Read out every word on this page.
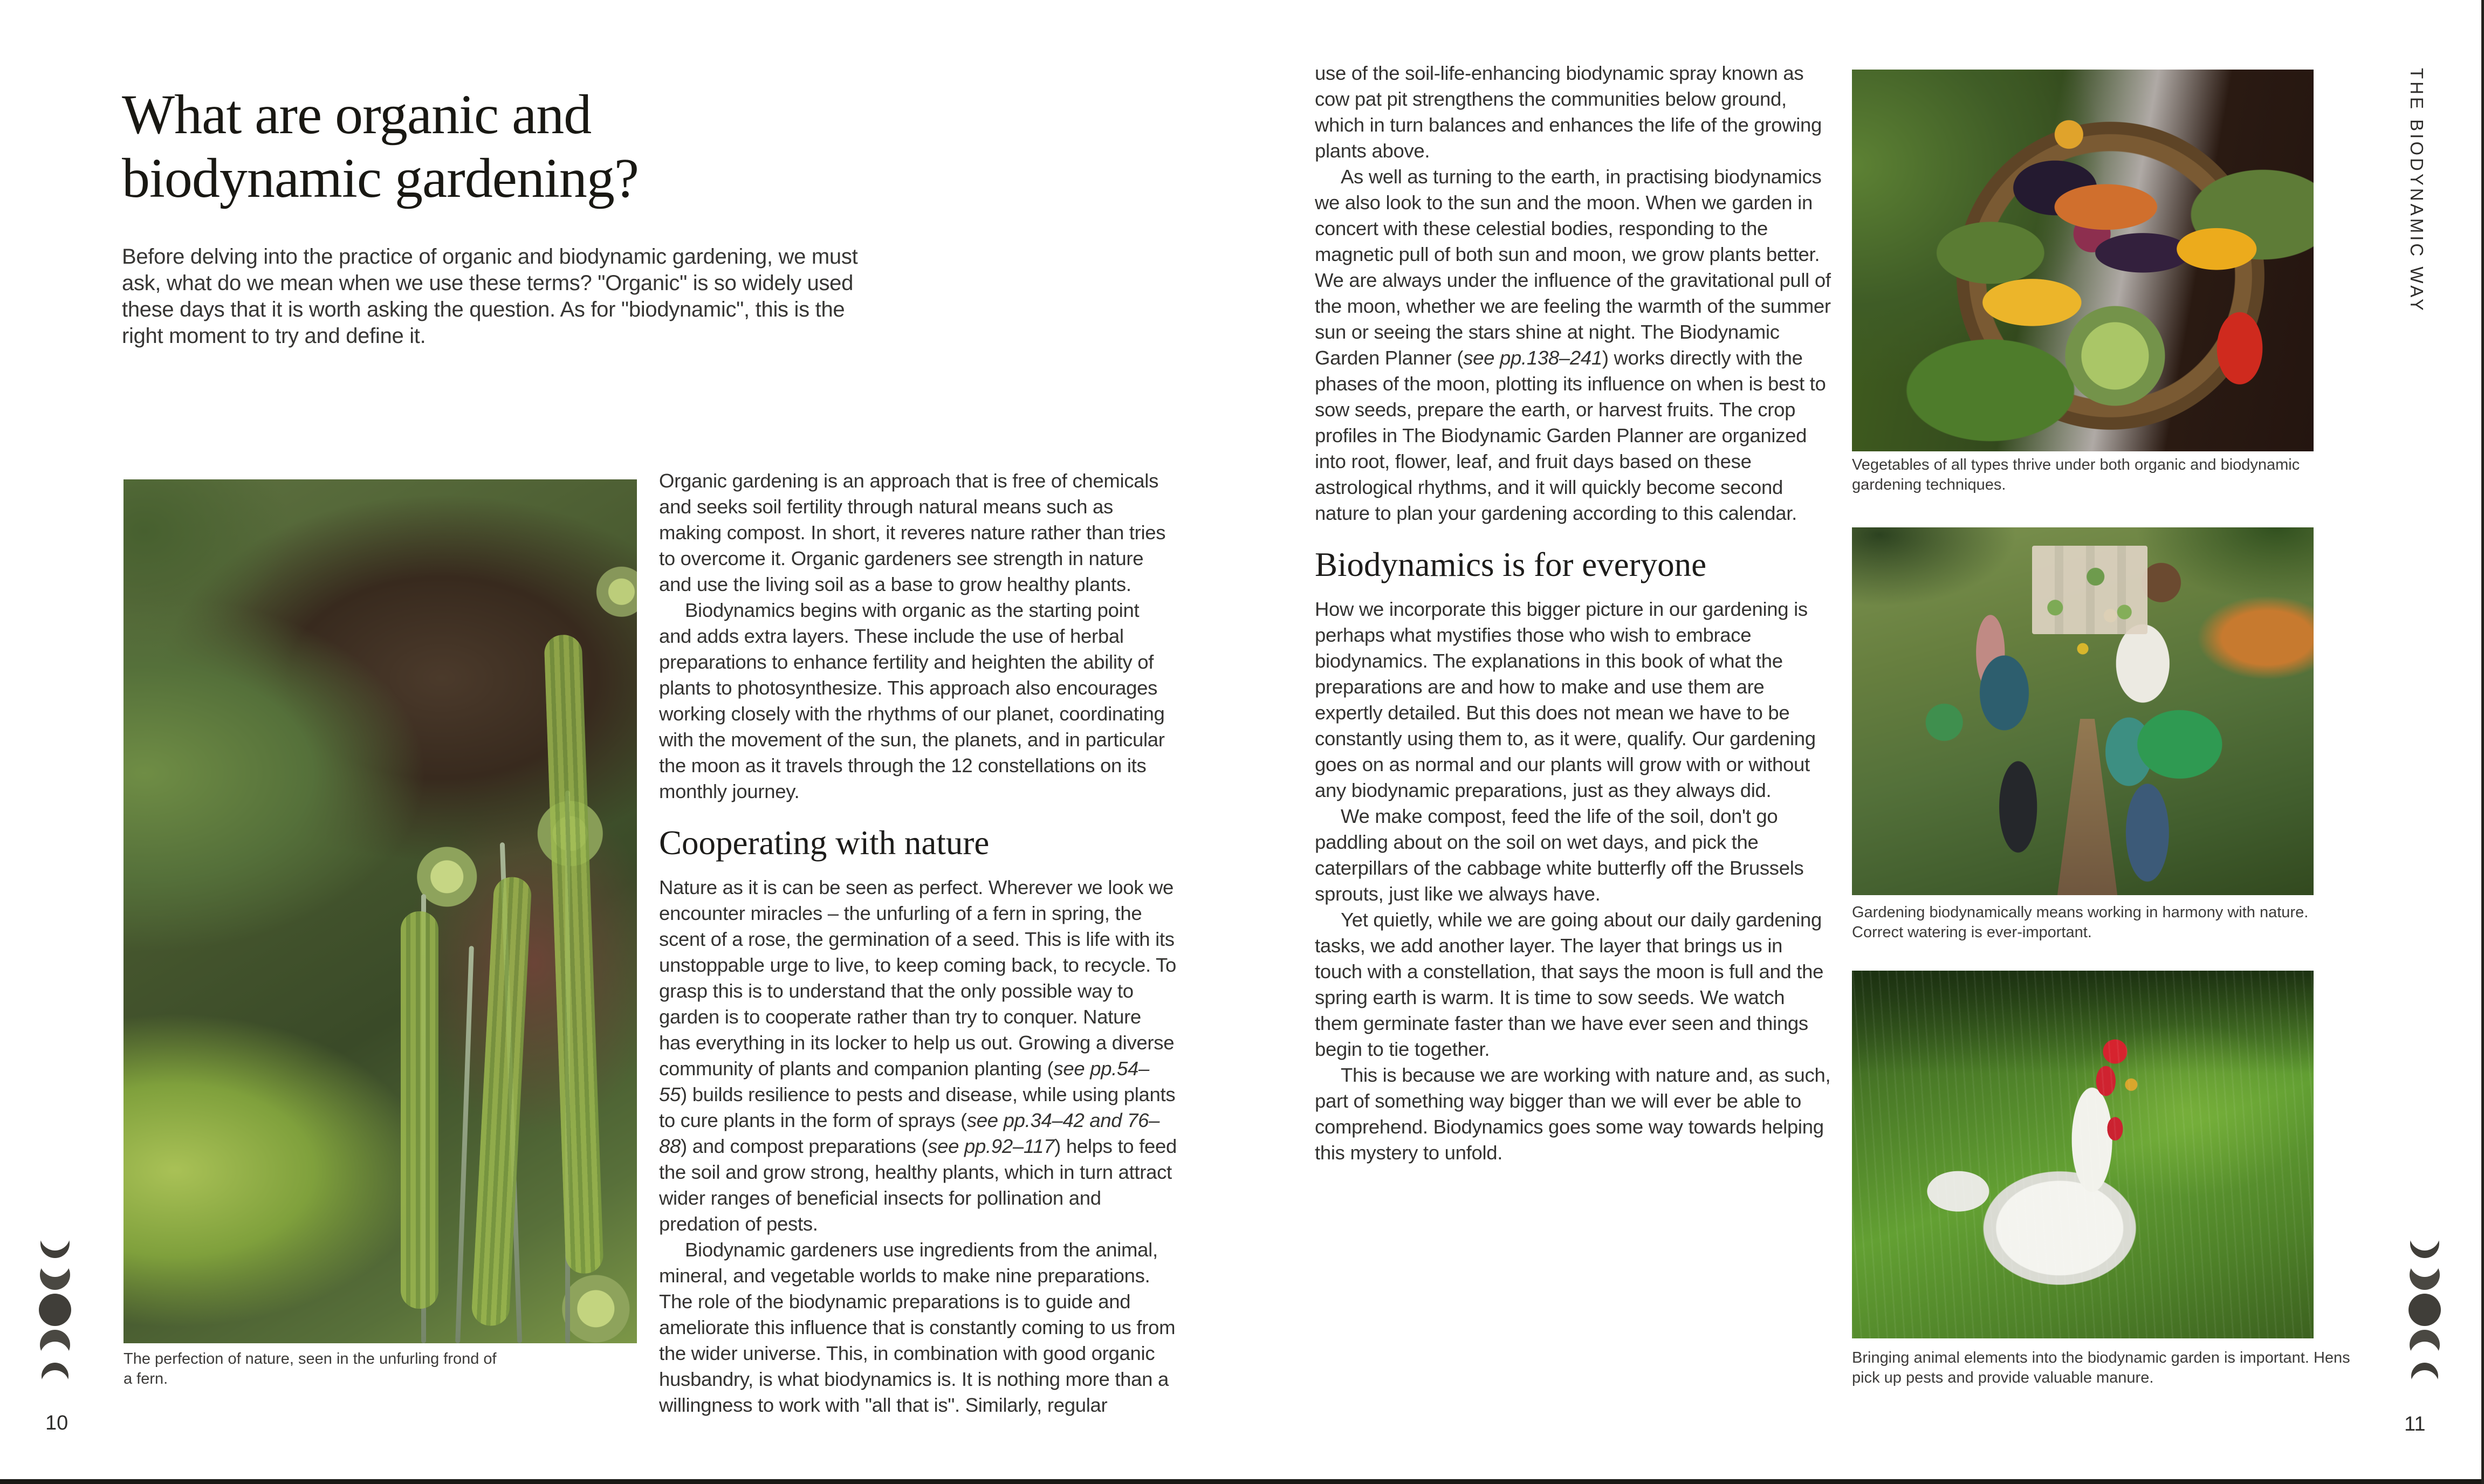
What are organic and
biodynamic gardening?
Before delving into the practice of organic and biodynamic gardening, we must ask, what do we mean when we use these terms? "Organic" is so widely used these days that it is worth asking the question. As for "biodynamic", this is the right moment to try and define it.
The perfection of nature, seen in the unfurling frond of a fern.

Organic gardening is an approach that is free of chemicals and seeks soil fertility through natural means such as making compost. In short, it reveres nature rather than tries to overcome it. Organic gardeners see strength in nature and use the living soil as a base to grow healthy plants.

Biodynamics begins with organic as the starting point and adds extra layers. These include the use of herbal preparations to enhance fertility and heighten the ability of plants to photosynthesize. This approach also encourages working closely with the rhythms of our planet, coordinating with the movement of the sun, the planets, and in particular the moon as it travels through the 12 constellations on its monthly journey.

Cooperating with nature

Nature as it is can be seen as perfect. Wherever we look we encounter miracles – the unfurling of a fern in spring, the scent of a rose, the germination of a seed. This is life with its unstoppable urge to live, to keep coming back, to recycle. To grasp this is to understand that the only possible way to garden is to cooperate rather than try to conquer. Nature has everything in its locker to help us out. Growing a diverse community of plants and companion planting (see pp.54–55) builds resilience to pests and disease, while using plants to cure plants in the form of sprays (see pp.34–42 and 76–88) and compost preparations (see pp.92–117) helps to feed the soil and grow strong, healthy plants, which in turn attract wider ranges of beneficial insects for pollination and predation of pests.

Biodynamic gardeners use ingredients from the animal, mineral, and vegetable worlds to make nine preparations. The role of the biodynamic preparations is to guide and ameliorate this influence that is constantly coming to us from the wider universe. This, in combination with good organic husbandry, is what biodynamics is. It is nothing more than a willingness to work with "all that is". Similarly, regular

10

use of the soil-life-enhancing biodynamic spray known as cow pat pit strengthens the communities below ground, which in turn balances and enhances the life of the growing plants above.

As well as turning to the earth, in practising biodynamics we also look to the sun and the moon. When we garden in concert with these celestial bodies, responding to the magnetic pull of both sun and moon, we grow plants better. We are always under the influence of the gravitational pull of the moon, whether we are feeling the warmth of the summer sun or seeing the stars shine at night. The Biodynamic Garden Planner (see pp.138–241) works directly with the phases of the moon, plotting its influence on when is best to sow seeds, prepare the earth, or harvest fruits. The crop profiles in The Biodynamic Garden Planner are organized into root, flower, leaf, and fruit days based on these astrological rhythms, and it will quickly become second nature to plan your gardening according to this calendar.

Biodynamics is for everyone

How we incorporate this bigger picture in our gardening is perhaps what mystifies those who wish to embrace biodynamics. The explanations in this book of what the preparations are and how to make and use them are expertly detailed. But this does not mean we have to be constantly using them to, as it were, qualify. Our gardening goes on as normal and our plants will grow with or without any biodynamic preparations, just as they always did.

We make compost, feed the life of the soil, don't go paddling about on the soil on wet days, and pick the caterpillars of the cabbage white butterfly off the Brussels sprouts, just like we always have.

Yet quietly, while we are going about our daily gardening tasks, we add another layer. The layer that brings us in touch with a constellation, that says the moon is full and the spring earth is warm. It is time to sow seeds. We watch them germinate faster than we have ever seen and things begin to tie together.

This is because we are working with nature and, as such, part of something way bigger than we will ever be able to comprehend. Biodynamics goes some way towards helping this mystery to unfold.

Vegetables of all types thrive under both organic and biodynamic gardening techniques.
Gardening biodynamically means working in harmony with nature. Correct watering is ever-important.
Bringing animal elements into the biodynamic garden is important. Hens pick up pests and provide valuable manure.
THE BIODYNAMIC WAY
11
